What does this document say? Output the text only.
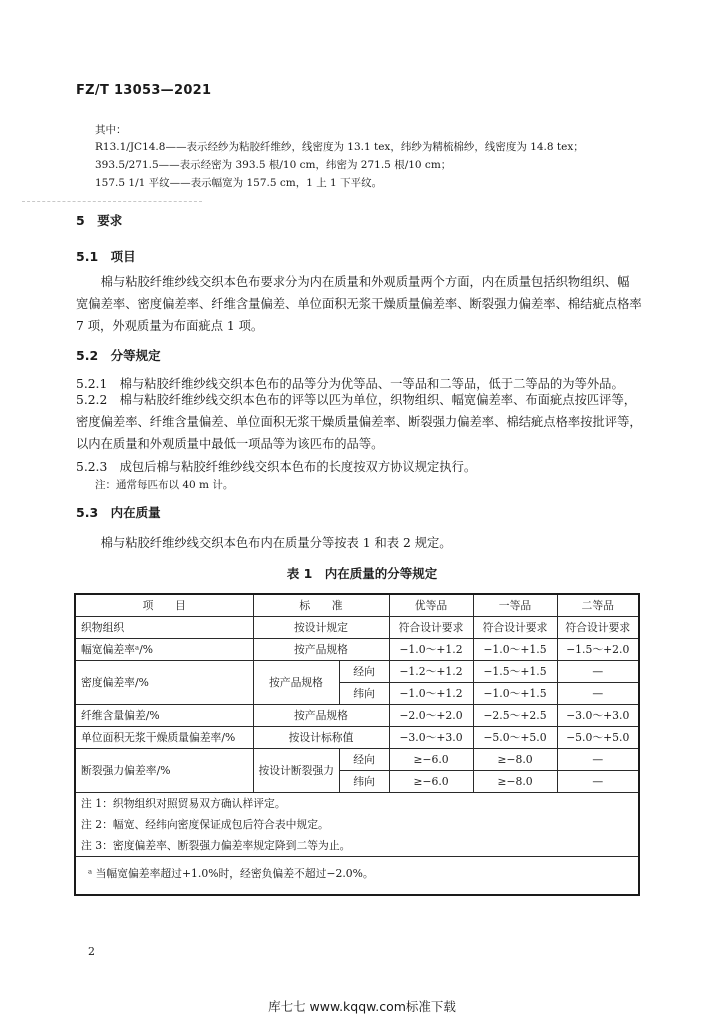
FZ/T 13053—2021
其中：
R13.1/JC14.8——表示经纱为粘胶纤维纱，线密度为 13.1 tex，纬纱为精梳棉纱，线密度为 14.8 tex；
393.5/271.5——表示经密为 393.5 根/10 cm，纬密为 271.5 根/10 cm；
157.5 1/1 平纹——表示幅宽为 157.5 cm，1 上 1 下平纹。
5　要求
5.1　项目
　　棉与粘胶纤维纱线交织本色布要求分为内在质量和外观质量两个方面，内在质量包括织物组织、幅
宽偏差率、密度偏差率、纤维含量偏差、单位面积无浆干燥质量偏差率、断裂强力偏差率、棉结疵点格率
7 项，外观质量为布面疵点 1 项。
5.2　分等规定
5.2.1　棉与粘胶纤维纱线交织本色布的品等分为优等品、一等品和二等品，低于二等品的为等外品。
5.2.2　棉与粘胶纤维纱线交织本色布的评等以匹为单位，织物组织、幅宽偏差率、布面疵点按匹评等，
密度偏差率、纤维含量偏差、单位面积无浆干燥质量偏差率、断裂强力偏差率、棉结疵点格率按批评等，
以内在质量和外观质量中最低一项品等为该匹布的品等。
5.2.3　成包后棉与粘胶纤维纱线交织本色布的长度按双方协议规定执行。
注：通常每匹布以 40 m 计。
5.3　内在质量
　　棉与粘胶纤维纱线交织本色布内在质量分等按表 1 和表 2 规定。
表 1　内在质量的分等规定
项　　目	标　　准		优等品	一等品	二等品
织物组织	按设计规定		符合设计要求	符合设计要求	符合设计要求
幅宽偏差率ᵃ/%	按产品规格		−1.0～+1.2	−1.0～+1.5	−1.5～+2.0
密度偏差率/%	按产品规格	经向	−1.2～+1.2	−1.5～+1.5	—
		纬向	−1.0～+1.2	−1.0～+1.5	—
纤维含量偏差/%	按产品规格		−2.0～+2.0	−2.5～+2.5	−3.0～+3.0
单位面积无浆干燥质量偏差率/%	按设计标称值		−3.0～+3.0	−5.0～+5.0	−5.0～+5.0
断裂强力偏差率/%	按设计断裂强力	经向	≥−6.0	≥−8.0	—
		纬向	≥−6.0	≥−8.0	—

注 1：织物组织对照贸易双方确认样评定。
注 2：幅宽、经纬向密度保证成包后符合表中规定。
注 3：密度偏差率、断裂强力偏差率规定降到二等为止。					

ᵃ 当幅宽偏差率超过+1.0%时，经密负偏差不超过−2.0%。					
2
库七七 www.kqqw.com标准下载
